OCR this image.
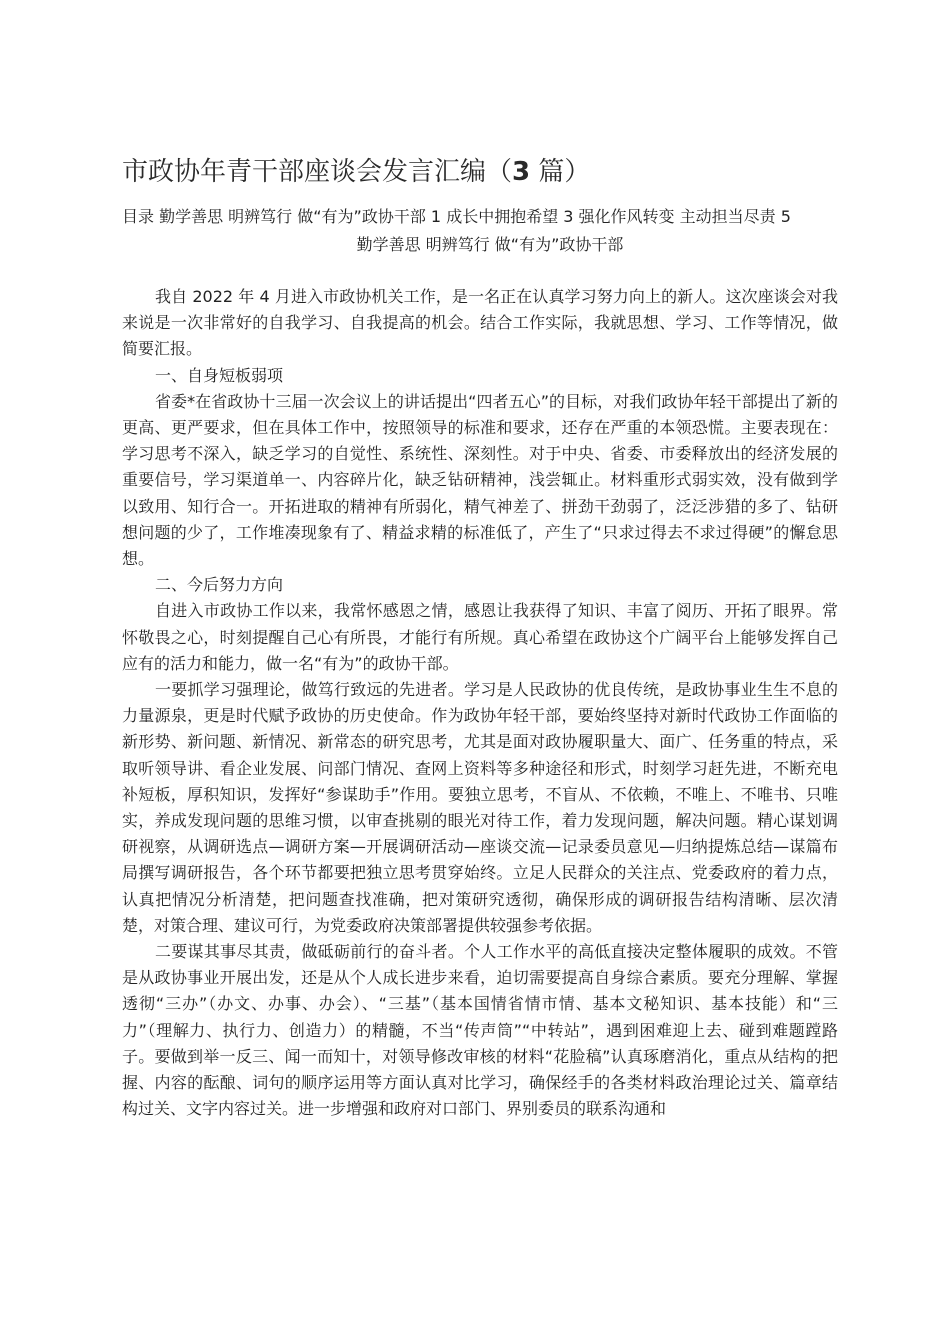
市政协年青干部座谈会发言汇编（3 篇）

目录 勤学善思 明辨笃行 做“有为”政协干部 1 成长中拥抱希望 3 强化作风转变 主动担当尽责 5

勤学善思 明辨笃行 做“有为”政协干部

我自 2022 年 4 月进入市政协机关工作，是一名正在认真学习努力向上的新人。这次座谈会对我来说是一次非常好的自我学习、自我提高的机会。结合工作实际，我就思想、学习、工作等情况，做简要汇报。

一、自身短板弱项

省委*在省政协十三届一次会议上的讲话提出“四者五心”的目标，对我们政协年轻干部提出了新的更高、更严要求，但在具体工作中，按照领导的标准和要求，还存在严重的本领恐慌。主要表现在：学习思考不深入，缺乏学习的自觉性、系统性、深刻性。对于中央、省委、市委释放出的经济发展的重要信号，学习渠道单一、内容碎片化，缺乏钻研精神，浅尝辄止。材料重形式弱实效，没有做到学以致用、知行合一。开拓进取的精神有所弱化，精气神差了、拼劲干劲弱了，泛泛涉猎的多了、钻研想问题的少了，工作堆凑现象有了、精益求精的标准低了，产生了“只求过得去不求过得硬”的懈怠思想。

二、今后努力方向

自进入市政协工作以来，我常怀感恩之情，感恩让我获得了知识、丰富了阅历、开拓了眼界。常怀敬畏之心，时刻提醒自己心有所畏，才能行有所规。真心希望在政协这个广阔平台上能够发挥自己应有的活力和能力，做一名“有为”的政协干部。

一要抓学习强理论，做笃行致远的先进者。学习是人民政协的优良传统，是政协事业生生不息的力量源泉，更是时代赋予政协的历史使命。作为政协年轻干部，要始终坚持对新时代政协工作面临的新形势、新问题、新情况、新常态的研究思考，尤其是面对政协履职量大、面广、任务重的特点，采取听领导讲、看企业发展、问部门情况、查网上资料等多种途径和形式，时刻学习赶先进，不断充电补短板，厚积知识，发挥好“参谋助手”作用。要独立思考，不盲从、不依赖，不唯上、不唯书、只唯实，养成发现问题的思维习惯，以审查挑剔的眼光对待工作，着力发现问题，解决问题。精心谋划调研视察，从调研选点—调研方案—开展调研活动—座谈交流—记录委员意见—归纳提炼总结—谋篇布局撰写调研报告，各个环节都要把独立思考贯穿始终。立足人民群众的关注点、党委政府的着力点，认真把情况分析清楚，把问题查找准确，把对策研究透彻，确保形成的调研报告结构清晰、层次清楚，对策合理、建议可行，为党委政府决策部署提供较强参考依据。

二要谋其事尽其责，做砥砺前行的奋斗者。个人工作水平的高低直接决定整体履职的成效。不管是从政协事业开展出发，还是从个人成长进步来看，迫切需要提高自身综合素质。要充分理解、掌握透彻“三办”（办文、办事、办会）、“三基”（基本国情省情市情、基本文秘知识、基本技能）和“三力”（理解力、执行力、创造力）的精髓，不当“传声筒”“中转站”，遇到困难迎上去、碰到难题蹚路子。要做到举一反三、闻一而知十，对领导修改审核的材料“花脸稿”认真琢磨消化，重点从结构的把握、内容的酝酿、词句的顺序运用等方面认真对比学习，确保经手的各类材料政治理论过关、篇章结构过关、文字内容过关。进一步增强和政府对口部门、界别委员的联系沟通和
